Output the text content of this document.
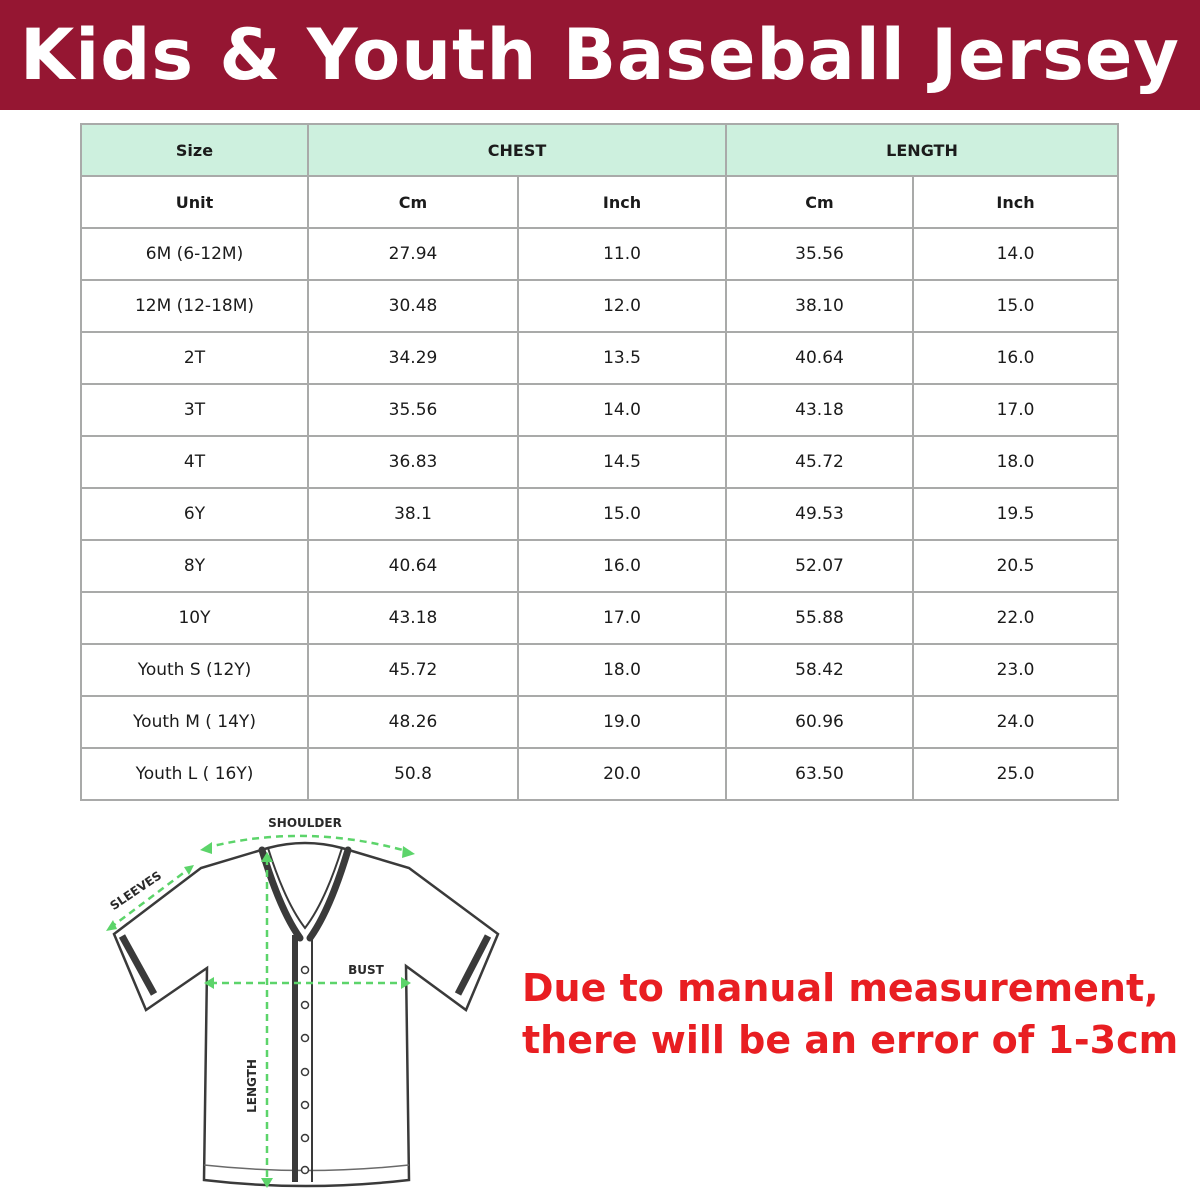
Kids & Youth Baseball Jersey
Size	CHEST		LENGTH	
Unit	Cm	Inch	Cm	Inch
6M (6-12M)	27.94	11.0	35.56	14.0
12M (12-18M)	30.48	12.0	38.10	15.0
2T	34.29	13.5	40.64	16.0
3T	35.56	14.0	43.18	17.0
4T	36.83	14.5	45.72	18.0
6Y	38.1	15.0	49.53	19.5
8Y	40.64	16.0	52.07	20.5
10Y	43.18	17.0	55.88	22.0
Youth S (12Y)	45.72	18.0	58.42	23.0
Youth M ( 14Y)	48.26	19.0	60.96	24.0
Youth L ( 16Y)	50.8	20.0	63.50	25.0
SHOULDER
SLEEVES
BUST
LENGTH
Due to manual measurement,
there will be an error of 1-3cm
